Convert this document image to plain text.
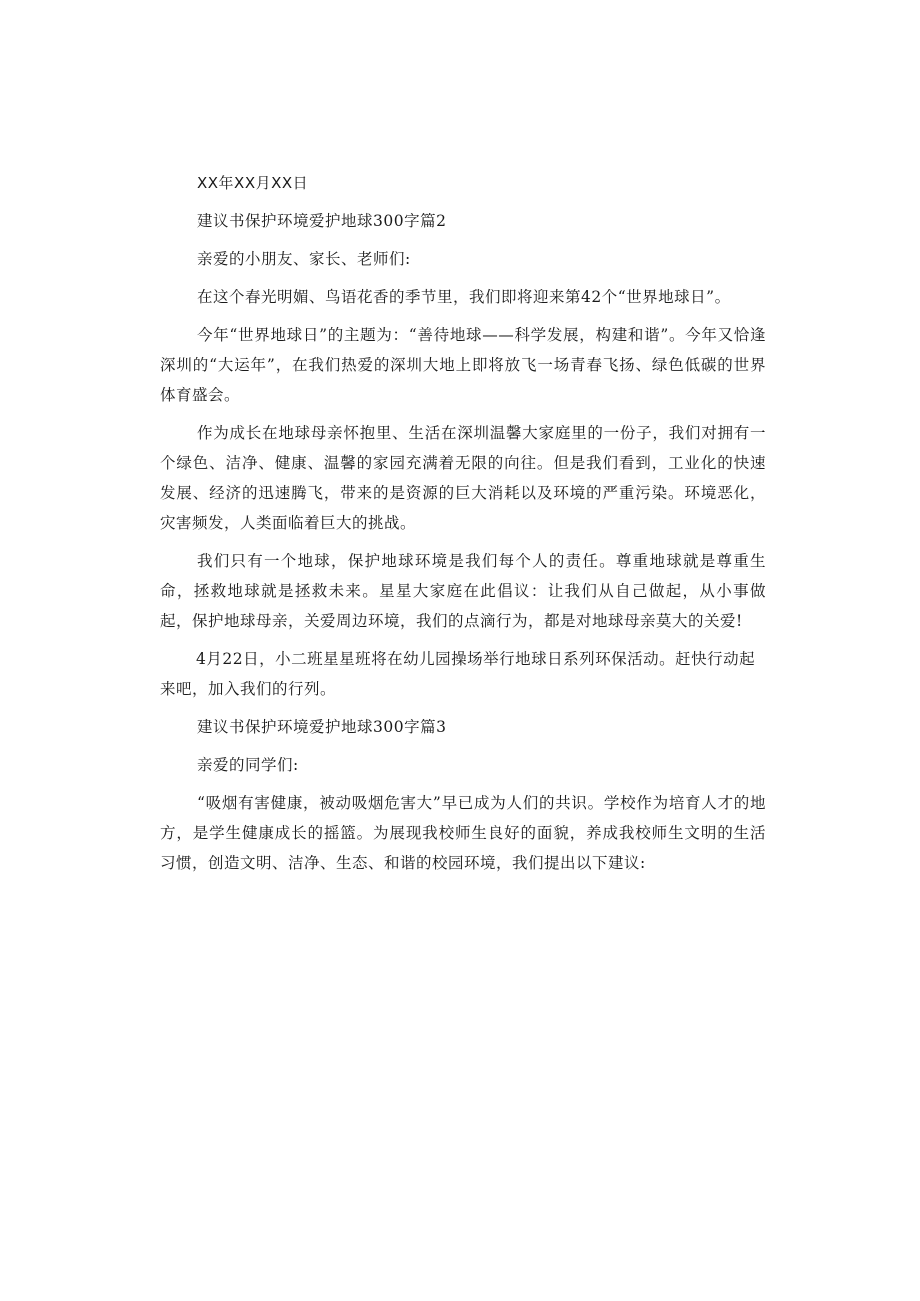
XX年XX月XX日
建议书保护环境爱护地球300字篇2
亲爱的小朋友、家长、老师们:
在这个春光明媚、鸟语花香的季节里，我们即将迎来第42个“世界地球日”。
今年“世界地球日”的主题为：“善待地球——科学发展，构建和谐”。今年又恰逢深圳的“大运年”，在我们热爱的深圳大地上即将放飞一场青春飞扬、绿色低碳的世界体育盛会。
作为成长在地球母亲怀抱里、生活在深圳温馨大家庭里的一份子，我们对拥有一个绿色、洁净、健康、温馨的家园充满着无限的向往。但是我们看到，工业化的快速发展、经济的迅速腾飞，带来的是资源的巨大消耗以及环境的严重污染。环境恶化，灾害频发，人类面临着巨大的挑战。
我们只有一个地球，保护地球环境是我们每个人的责任。尊重地球就是尊重生命，拯救地球就是拯救未来。星星大家庭在此倡议：让我们从自己做起，从小事做起，保护地球母亲，关爱周边环境，我们的点滴行为，都是对地球母亲莫大的关爱!
4月22日，小二班星星班将在幼儿园操场举行地球日系列环保活动。赶快行动起来吧，加入我们的行列。
建议书保护环境爱护地球300字篇3
亲爱的同学们:
“吸烟有害健康，被动吸烟危害大”早已成为人们的共识。学校作为培育人才的地方，是学生健康成长的摇篮。为展现我校师生良好的面貌，养成我校师生文明的生活习惯，创造文明、洁净、生态、和谐的校园环境，我们提出以下建议:
